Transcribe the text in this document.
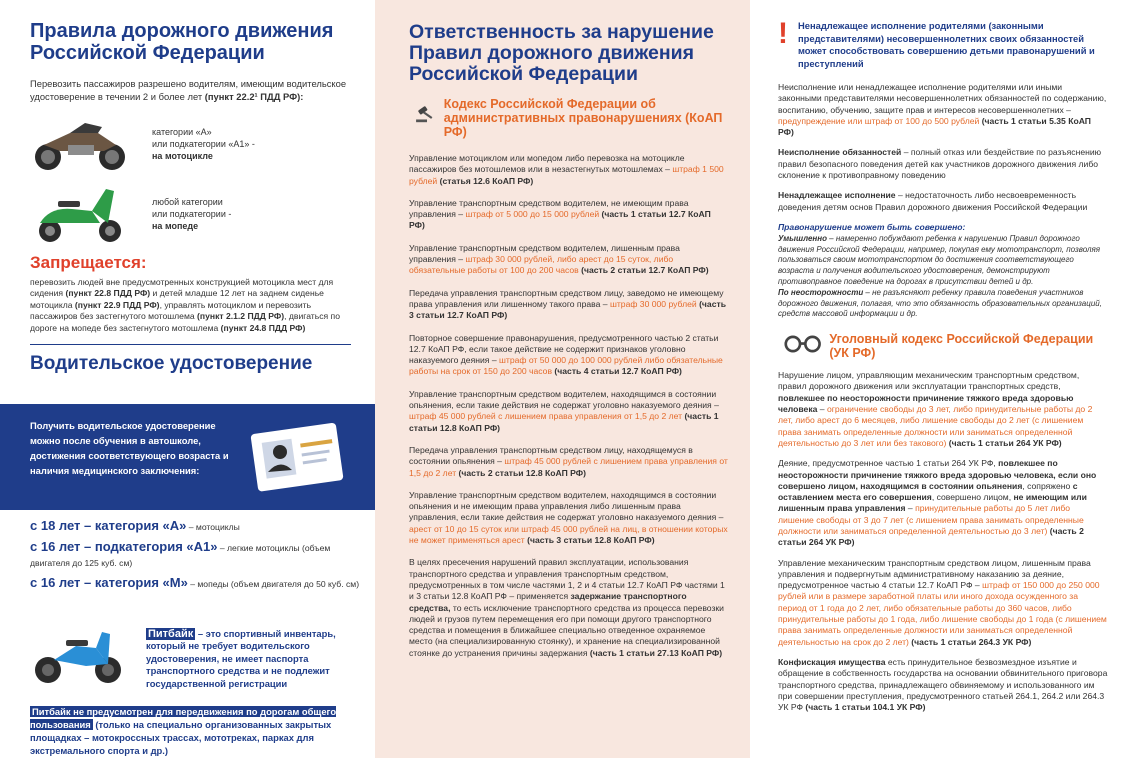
Правила дорожного движения Российской Федерации

Перевозить пассажиров разрешено водителям, имеющим водительское удостоверение в течении 2 и более лет (пункт 22.2¹ ПДД РФ):

категории «А»
или подкатегории «А1» -
на мотоцикле
любой категории
или подкатегории -
на мопеде
Запрещается:

перевозить людей вне предусмотренных конструкцией мотоцикла мест для сидения (пункт 22.8 ПДД РФ) и детей младше 12 лет на заднем сиденье мотоцикла (пункт 22.9 ПДД РФ), управлять мотоциклом и перевозить пассажиров без застегнутого мотошлема (пункт 2.1.2 ПДД РФ), двигаться по дороге на мопеде без застегнутого мотошлема (пункт 24.8 ПДД РФ)

Водительское удостоверение
Получить водительское удостоверение можно после обучения в автошколе, достижения соответствующего возраста и наличия медицинского заключения:
с 18 лет – категория «А» – мотоциклы
с 16 лет – подкатегория «А1» – легкие мотоциклы (объем двигателя до 125 куб. см)
с 16 лет – категория «М» – мопеды (объем двигателя до 50 куб. см)
Питбайк – это спортивный инвентарь, который не требует водительского удостоверения, не имеет паспорта транспортного средства и не подлежит государственной регистрации
Питбайк не предусмотрен для передвижения по дорогам общего пользования (только на специально организованных закрытых площадках – мотокроссных трассах, мототреках, парках для экстремального спорта и др.)
Ответственность за нарушение Правил дорожного движения Российской Федерации
Кодекс Российской Федерации об административных правонарушениях (КоАП РФ)

Управление мотоциклом или мопедом либо перевозка на мотоцикле пассажиров без мотошлемов или в незастегнутых мотошлемах – штраф 1 500 рублей (статья 12.6 КоАП РФ)

Управление транспортным средством водителем, не имеющим права управления – штраф от 5 000 до 15 000 рублей (часть 1 статьи 12.7 КоАП РФ)

Управление транспортным средством водителем, лишенным права управления – штраф 30 000 рублей, либо арест до 15 суток, либо обязательные работы от 100 до 200 часов (часть 2 статьи 12.7 КоАП РФ)

Передача управления транспортным средством лицу, заведомо не имеющему права управления или лишенному такого права – штраф 30 000 рублей (часть 3 статьи 12.7 КоАП РФ)

Повторное совершение правонарушения, предусмотренного частью 2 статьи 12.7 КоАП РФ, если такое действие не содержит признаков уголовно наказуемого деяния – штраф от 50 000 до 100 000 рублей либо обязательные работы на срок от 150 до 200 часов (часть 4 статьи 12.7 КоАП РФ)

Управление транспортным средством водителем, находящимся в состоянии опьянения, если такие действия не содержат уголовно наказуемого деяния – штраф 45 000 рублей с лишением права управления от 1,5 до 2 лет (часть 1 статьи 12.8 КоАП РФ)

Передача управления транспортным средством лицу, находящемуся в состоянии опьянения – штраф 45 000 рублей с лишением права управления от 1,5 до 2 лет (часть 2 статьи 12.8 КоАП РФ)

Управление транспортным средством водителем, находящимся в состоянии опьянения и не имеющим права управления либо лишенным права управления, если такие действия не содержат уголовно наказуемого деяния – арест от 10 до 15 суток или штраф 45 000 рублей на лиц, в отношении котoрых не может применяться арест (часть 3 статьи 12.8 КоАП РФ)

В целях пресечения нарушений правил эксплуатации, использования транспортного средства и управления транспортным средством, предусмотренных в том числе частями 1, 2 и 4 статьи 12.7 КоАП РФ частями 1 и 3 статьи 12.8 КоАП РФ – применяется задержание транспортного средства, то есть исключение транспортного средства из процесса перевозки людей и грузов путем перемещения его при помощи другого транспортного средства и помещения в ближайшее специально отведенное охраняемое место (на специализированную стоянку), и хранение на специализированной стоянке до устранения причины задержания (часть 1 статьи 27.13 КоАП РФ)

! Ненадлежащее исполнение родителями (законными представителями) несовершеннолетних своих обязанностей может способствовать совершению детьми правонарушений и преступлений

Неисполнение или ненадлежащее исполнение родителями или иными законными представителями несовершеннолетних обязанностей по содержанию, воспитанию, обучению, защите прав и интересов несовершеннолетних – предупреждение или штраф от 100 до 500 рублей (часть 1 статьи 5.35 КоАП РФ)

Неисполнение обязанностей – полный отказ или бездействие по разъяснению правил безопасного поведения детей как участников дорожного движения либо склонение к противоправному поведению

Ненадлежащее исполнение – недостаточность либо несвоевременность доведения детям основ Правил дорожного движения Российской Федерации

Правонарушение может быть совершено:
Умышленно – намеренно побуждают ребенка к нарушению Правил дорожного движения Российской Федерации, например, покупая ему мототранспорт, позволяя пользоваться своим мототранспортом до достижения соответствующего возраста и получения водительского удостоверения, демонстрируют противоправное поведение на дорогах в присутствии детей и др.
По неосторожности – не разъясняют ребенку правила поведения участников дорожного движения, полагая, что это обязанность образовательных организаций, средств массовой информации и др.

Уголовный кодекс Российской Федерации (УК РФ)

Нарушение лицом, управляющим механическим транспортным средством, правил дорожного движения или эксплуатации транспортных средств, повлекшее по неосторожности причинение тяжкого вреда здоровью человека – ограничение свободы до 3 лет, либо принудительные работы до 2 лет, либо арест до 6 месяцев, либо лишение свободы до 2 лет (с лишением права занимать определенные должности или заниматься определенной деятельностью до 3 лет или без такового) (часть 1 статьи 264 УК РФ)

Деяние, предусмотренное частью 1 статьи 264 УК РФ, повлекшее по неосторожности причинение тяжкого вреда здоровью человека, если оно совершено лицом, находящимся в состоянии опьянения, сопряжено с оставлением места его совершения, совершено лицом, не имеющим или лишенным права управления – принудительные работы до 5 лет либо лишение свободы от 3 до 7 лет (с лишением права занимать определенные должности или заниматься определенной деятельностью до 3 лет) (часть 2 статьи 264 УК РФ)

Управление механическим транспортным средством лицом, лишенным права управления и подвергнутым административному наказанию за деяние, предусмотренное частью 4 статьи 12.7 КоАП РФ – штраф от 150 000 до 250 000 рублей или в размере заработной платы или иного дохода осужденного за период от 1 года до 2 лет, либо обязательные работы до 360 часов, либо принудительные работы до 1 года, либо лишение свободы до 1 года (с лишением права занимать определенные должности или заниматься определенной деятельностью на срок до 2 лет) (часть 1 статьи 264.3 УК РФ)

Конфискация имущества есть принудительное безвозмездное изъятие и обращение в собственность государства на основании обвинительного приговора транспортного средства, принадлежащего обвиняемому и использованного им при совершении преступления, предусмотренного статьей 264.1, 264.2 или 264.3 УК РФ (часть 1 статьи 104.1 УК РФ)
